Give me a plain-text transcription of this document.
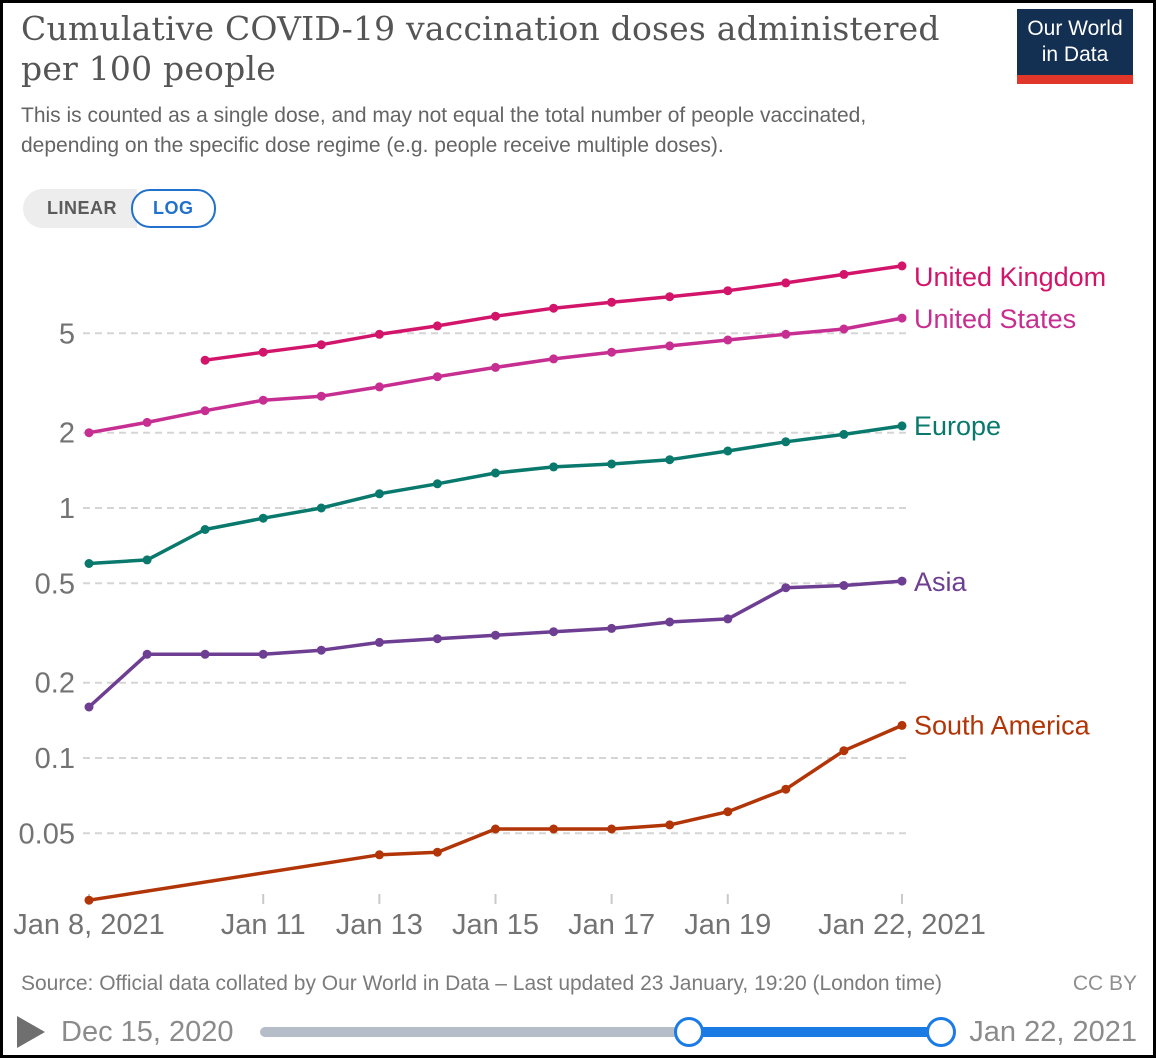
Cumulative COVID-19 vaccination doses administered
per 100 people
Our World
in Data
This is counted as a single dose, and may not equal the total number of people vaccinated,
depending on the specific dose regime (e.g. people receive multiple doses).
LINEAR	LOG
5
2
1
0.5
0.2
0.1
0.05
Jan 8, 2021 Jan 11 Jan 13 Jan 15 Jan 17 Jan 19 Jan 22, 2021
United Kingdom
United States
Europe
Asia
South America
Source: Official data collated by Our World in Data – Last updated 23 January, 19:20 (London time)	CC BY
Dec 15, 2020	Jan 22, 2021
